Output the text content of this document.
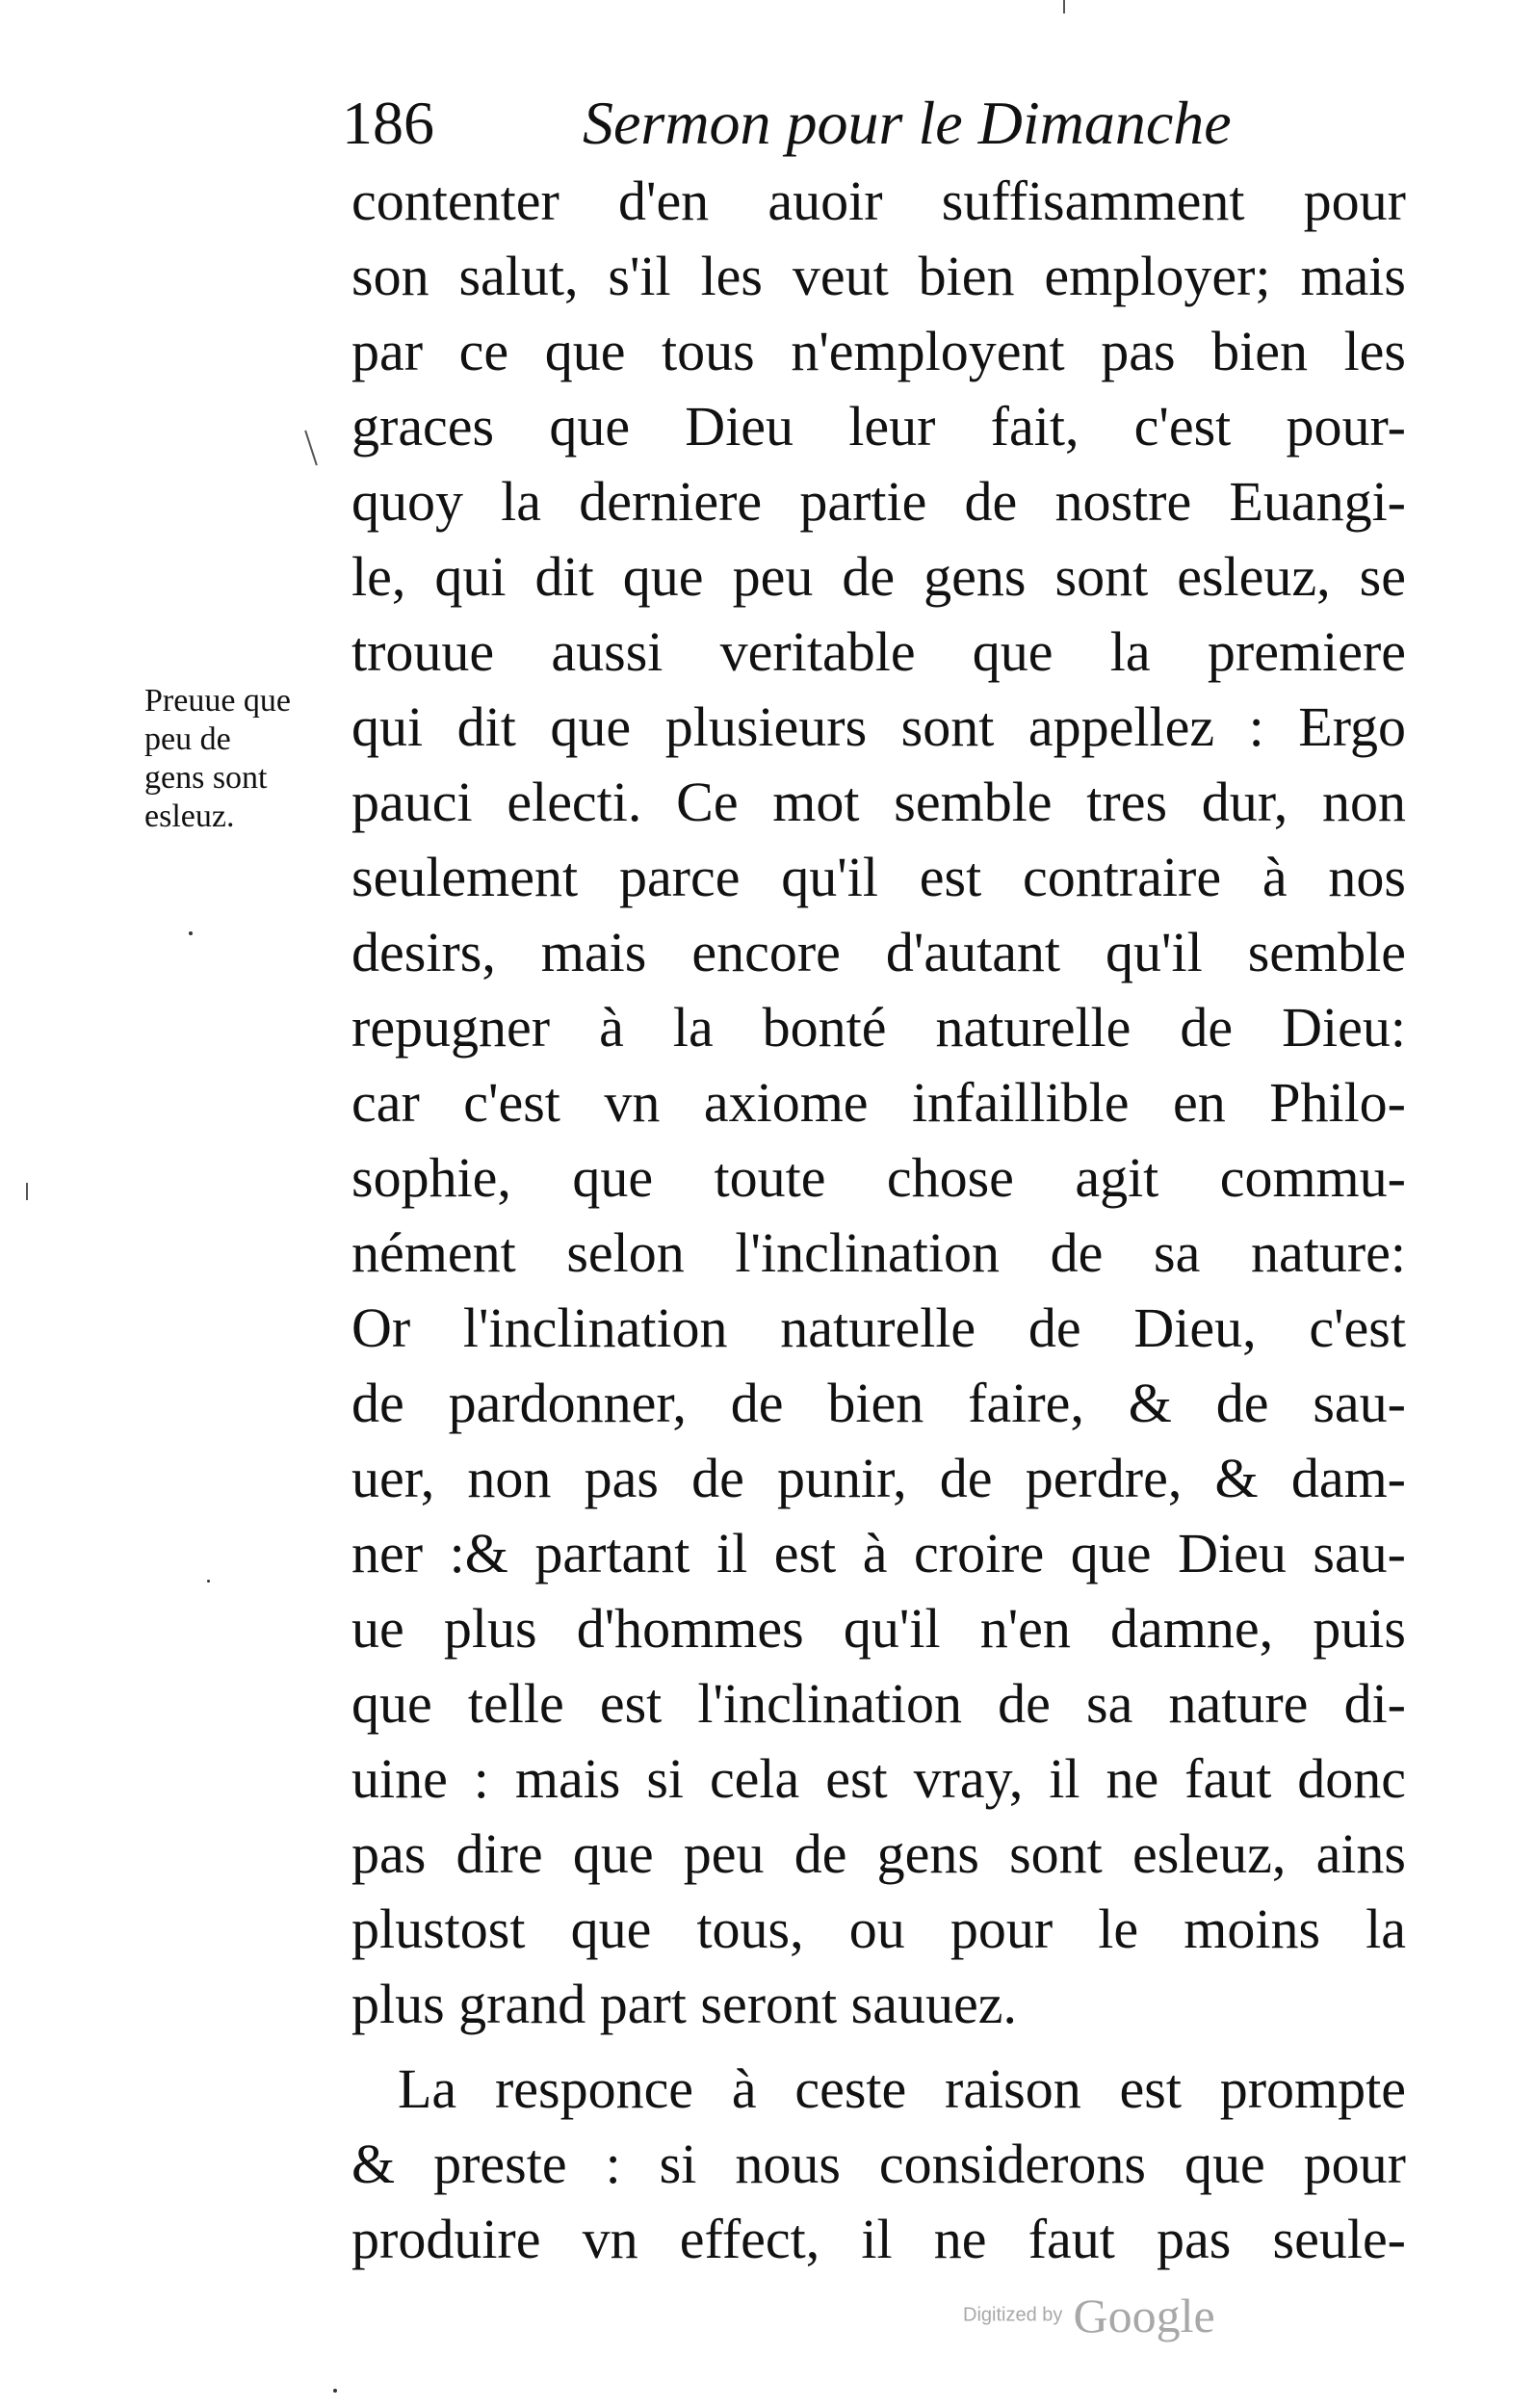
186 Sermon pour le Dimanche
Preuue que
peu de
gens sont
esleuz.
contenter d'en auoir suffisamment pour
son salut, s'il les veut bien employer; mais
par ce que tous n'employent pas bien les
graces que Dieu leur fait, c'est pour-
quoy la derniere partie de nostre Euangi-
le, qui dit que peu de gens sont esleuz, se
trouue aussi veritable que la premiere
qui dit que plusieurs sont appellez : Ergo
pauci electi. Ce mot semble tres dur, non
seulement parce qu'il est contraire à nos
desirs, mais encore d'autant qu'il semble
repugner à la bonté naturelle de Dieu:
car c'est vn axiome infaillible en Philo-
sophie, que toute chose agit commu-
nément selon l'inclination de sa nature:
Or l'inclination naturelle de Dieu, c'est
de pardonner, de bien faire, & de sau-
uer, non pas de punir, de perdre, & dam-
ner :& partant il est à croire que Dieu sau-
ue plus d'hommes qu'il n'en damne, puis
que telle est l'inclination de sa nature di-
uine : mais si cela est vray, il ne faut donc
pas dire que peu de gens sont esleuz, ains
plustost que tous, ou pour le moins la
plus grand part seront sauuez.
La responce à ceste raison est prompte
& preste : si nous considerons que pour
produire vn effect, il ne faut pas seule-
Digitized by Google
